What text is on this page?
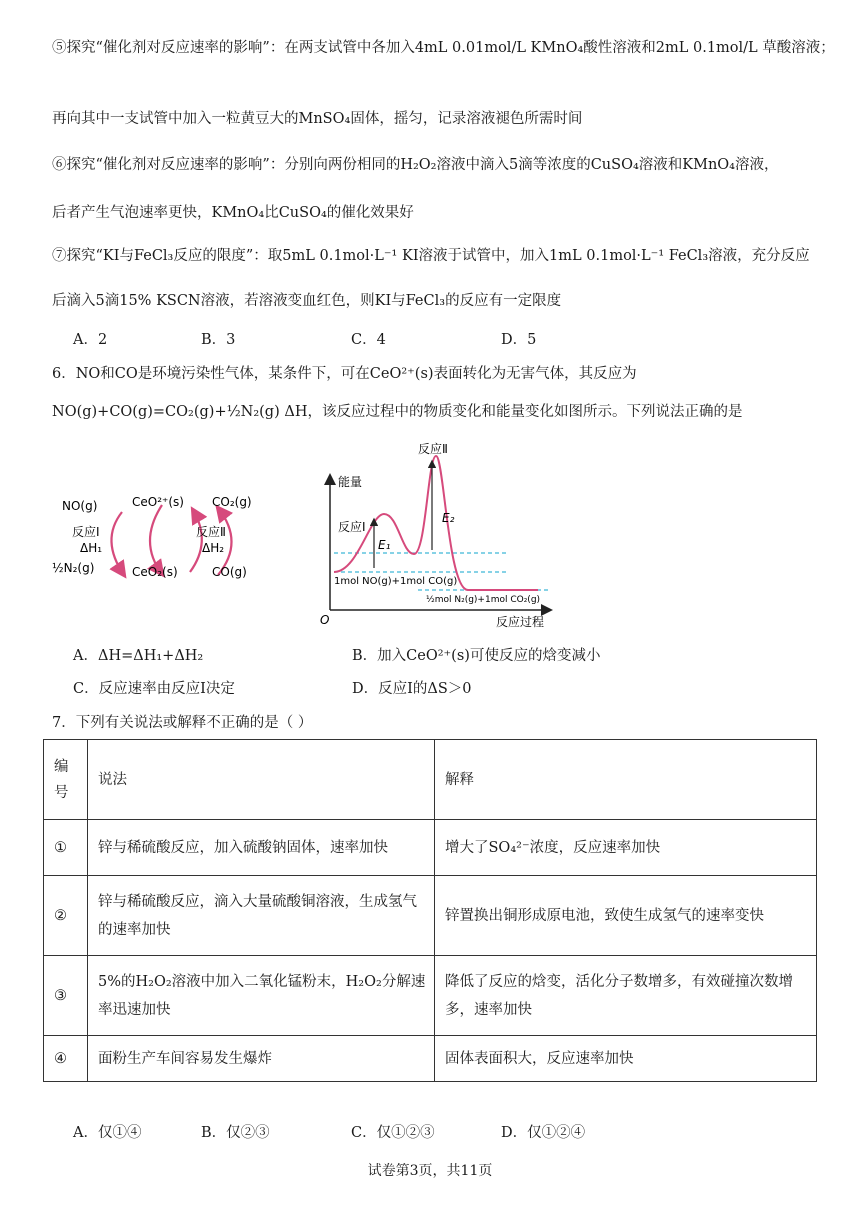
⑤探究“催化剂对反应速率的影响”：在两支试管中各加入4mL 0.01mol/L KMnO₄酸性溶液和2mL 0.1mol/L 草酸溶液；
再向其中一支试管中加入一粒黄豆大的MnSO₄固体，摇匀，记录溶液褪色所需时间
⑥探究“催化剂对反应速率的影响”：分别向两份相同的H₂O₂溶液中滴入5滴等浓度的CuSO₄溶液和KMnO₄溶液，
后者产生气泡速率更快，KMnO₄比CuSO₄的催化效果好
⑦探究“KI与FeCl₃反应的限度”：取5mL 0.1mol·L⁻¹ KI溶液于试管中，加入1mL 0.1mol·L⁻¹ FeCl₃溶液，充分反应
后滴入5滴15% KSCN溶液，若溶液变血红色，则KI与FeCl₃的反应有一定限度
A．2	B．3	C．4	D．5
6．NO和CO是环境污染性气体，某条件下，可在CeO²⁺(s)表面转化为无害气体，其反应为
NO(g)+CO(g)=CO₂(g)+½N₂(g) ΔH，该反应过程中的物质变化和能量变化如图所示。下列说法正确的是
NO(g)	CeO²⁺(s) CO₂(g)
反应Ⅰ
ΔH₁
反应Ⅱ
ΔH₂
½N₂(g)	CeO₂(s)	CO(g)
能量
反应过程
O
E₁
E₂
反应Ⅰ
反应Ⅱ
1mol NO(g)+1mol CO(g)
½mol N₂(g)+1mol CO₂(g)
A．ΔH=ΔH₁+ΔH₂	B．加入CeO²⁺(s)可使反应的焓变减小
C．反应速率由反应Ⅰ决定	D．反应Ⅰ的ΔS＞0
7．下列有关说法或解释不正确的是（ ）
编号	说法	解释
①	锌与稀硫酸反应，加入硫酸钠固体，速率加快	增大了SO₄²⁻浓度，反应速率加快
②	锌与稀硫酸反应，滴入大量硫酸铜溶液，生成氢气的速率加快	锌置换出铜形成原电池，致使生成氢气的速率变快
③	5%的H₂O₂溶液中加入二氧化锰粉末，H₂O₂分解速率迅速加快	降低了反应的焓变，活化分子数增多，有效碰撞次数增多，速率加快
④	面粉生产车间容易发生爆炸	固体表面积大，反应速率加快
A．仅①④	B．仅②③	C．仅①②③	D．仅①②④
试卷第3页，共11页
